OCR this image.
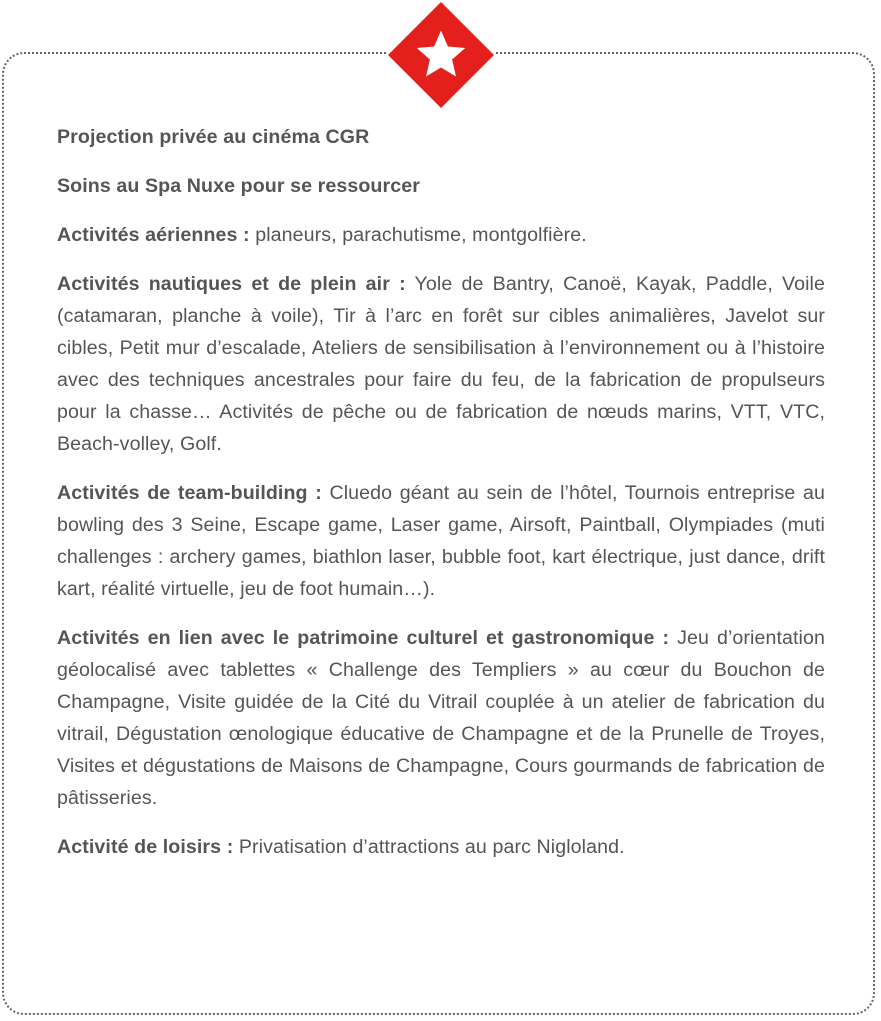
Projection privée au cinéma CGR

Soins au Spa Nuxe pour se ressourcer

Activités aériennes : planeurs, parachutisme, montgolfière.

Activités nautiques et de plein air : Yole de Bantry, Canoë, Kayak, Paddle, Voile (catamaran, planche à voile), Tir à l’arc en forêt sur cibles animalières, Javelot sur cibles, Petit mur d’escalade, Ateliers de sensibilisation à l’environnement ou à l’histoire avec des techniques ancestrales pour faire du feu, de la fabrication de propulseurs pour la chasse… Activités de pêche ou de fabrication de nœuds marins, VTT, VTC, Beach-volley, Golf.

Activités de team-building : Cluedo géant au sein de l’hôtel, Tournois entreprise au bowling des 3 Seine, Escape game, Laser game, Airsoft, Paintball, Olympiades (muti challenges : archery games, biathlon laser, bubble foot, kart électrique, just dance, drift kart, réalité virtuelle, jeu de foot humain…).

Activités en lien avec le patrimoine culturel et gastronomique : Jeu d’orientation géolocalisé avec tablettes « Challenge des Templiers » au cœur du Bouchon de Champagne, Visite guidée de la Cité du Vitrail couplée à un atelier de fabrication du vitrail, Dégustation œnologique éducative de Champagne et de la Prunelle de Troyes, Visites et dégustations de Maisons de Champagne, Cours gourmands de fabrication de pâtisseries.

Activité de loisirs : Privatisation d’attractions au parc Nigloland.
